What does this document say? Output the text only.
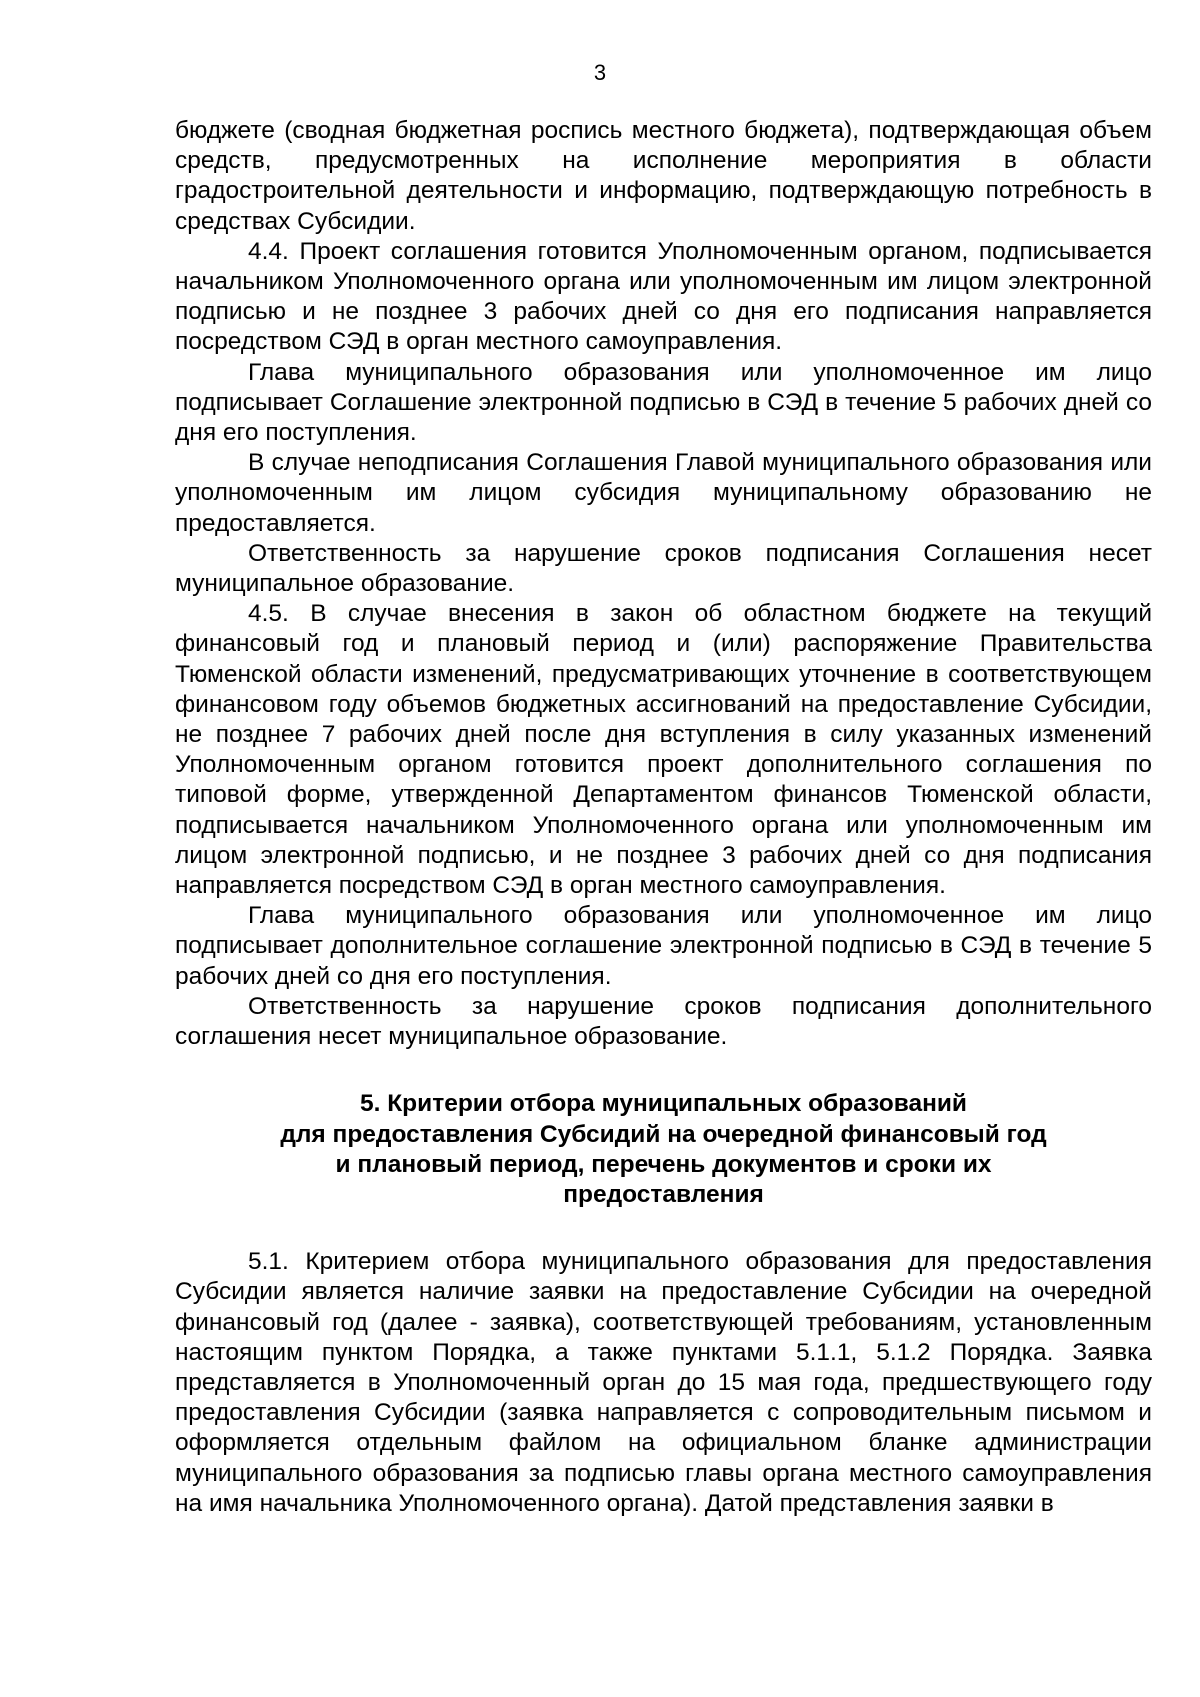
3

бюджете (сводная бюджетная роспись местного бюджета), подтверждающая объем средств, предусмотренных на исполнение мероприятия в области градостроительной деятельности и информацию, подтверждающую потребность в средствах Субсидии.

4.4. Проект соглашения готовится Уполномоченным органом, подписывается начальником Уполномоченного органа или уполномоченным им лицом электронной подписью и не позднее 3 рабочих дней со дня его подписания направляется посредством СЭД в орган местного самоуправления.

Глава муниципального образования или уполномоченное им лицо подписывает Соглашение электронной подписью в СЭД в течение 5 рабочих дней со дня его поступления.

В случае неподписания Соглашения Главой муниципального образования или уполномоченным им лицом субсидия муниципальному образованию не предоставляется.

Ответственность за нарушение сроков подписания Соглашения несет муниципальное образование.

4.5. В случае внесения в закон об областном бюджете на текущий финансовый год и плановый период и (или) распоряжение Правительства Тюменской области изменений, предусматривающих уточнение в соответствующем финансовом году объемов бюджетных ассигнований на предоставление Субсидии, не позднее 7 рабочих дней после дня вступления в силу указанных изменений Уполномоченным органом готовится проект дополнительного соглашения по типовой форме, утвержденной Департаментом финансов Тюменской области, подписывается начальником Уполномоченного органа или уполномоченным им лицом электронной подписью, и не позднее 3 рабочих дней со дня подписания направляется посредством СЭД в орган местного самоуправления.

Глава муниципального образования или уполномоченное им лицо подписывает дополнительное соглашение электронной подписью в СЭД в течение 5 рабочих дней со дня его поступления.

Ответственность за нарушение сроков подписания дополнительного соглашения несет муниципальное образование.

5. Критерии отбора муниципальных образований
для предоставления Субсидий на очередной финансовый год
и плановый период, перечень документов и сроки их
предоставления

5.1. Критерием отбора муниципального образования для предоставления Субсидии является наличие заявки на предоставление Субсидии на очередной финансовый год (далее - заявка), соответствующей требованиям, установленным настоящим пунктом Порядка, а также пунктами 5.1.1, 5.1.2 Порядка. Заявка представляется в Уполномоченный орган до 15 мая года, предшествующего году предоставления Субсидии (заявка направляется с сопроводительным письмом и оформляется отдельным файлом на официальном бланке администрации муниципального образования за подписью главы органа местного самоуправления на имя начальника Уполномоченного органа). Датой представления заявки в
